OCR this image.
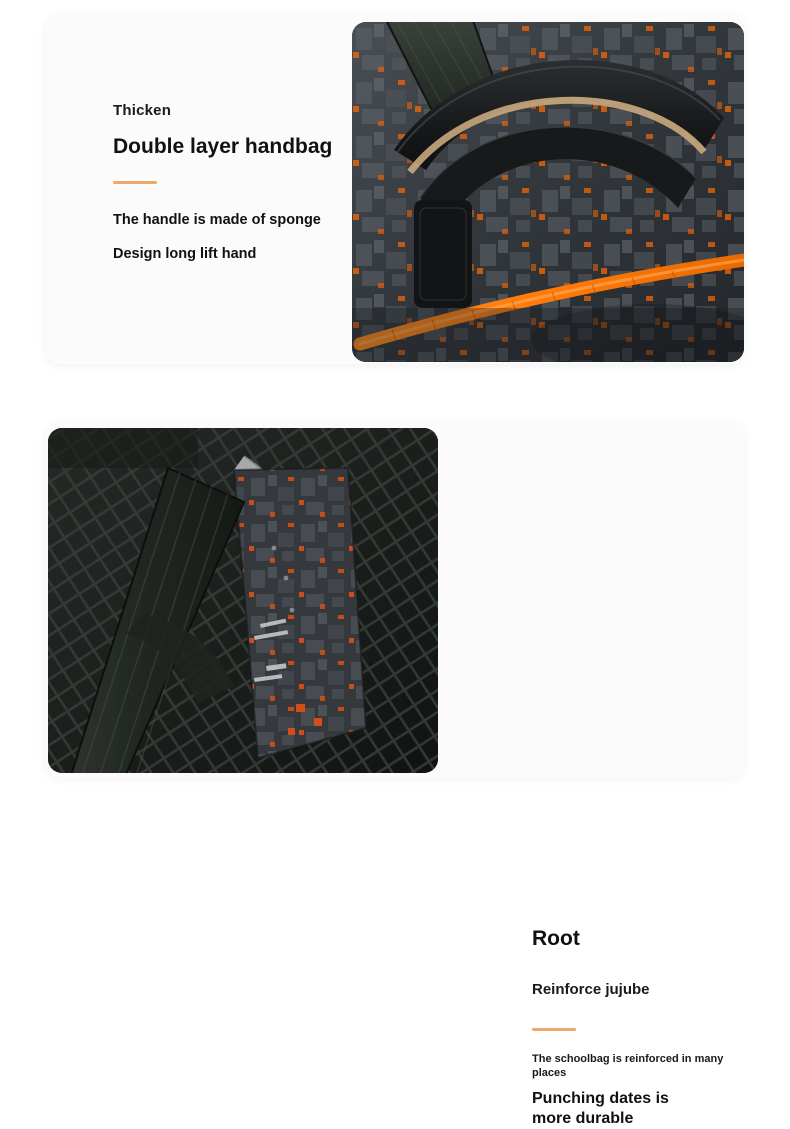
Thicken

Double layer handbag

The handle is made of sponge

Design long lift hand

Root

Reinforce jujube

The schoolbag is reinforced in many places

Punching dates is

more durable
